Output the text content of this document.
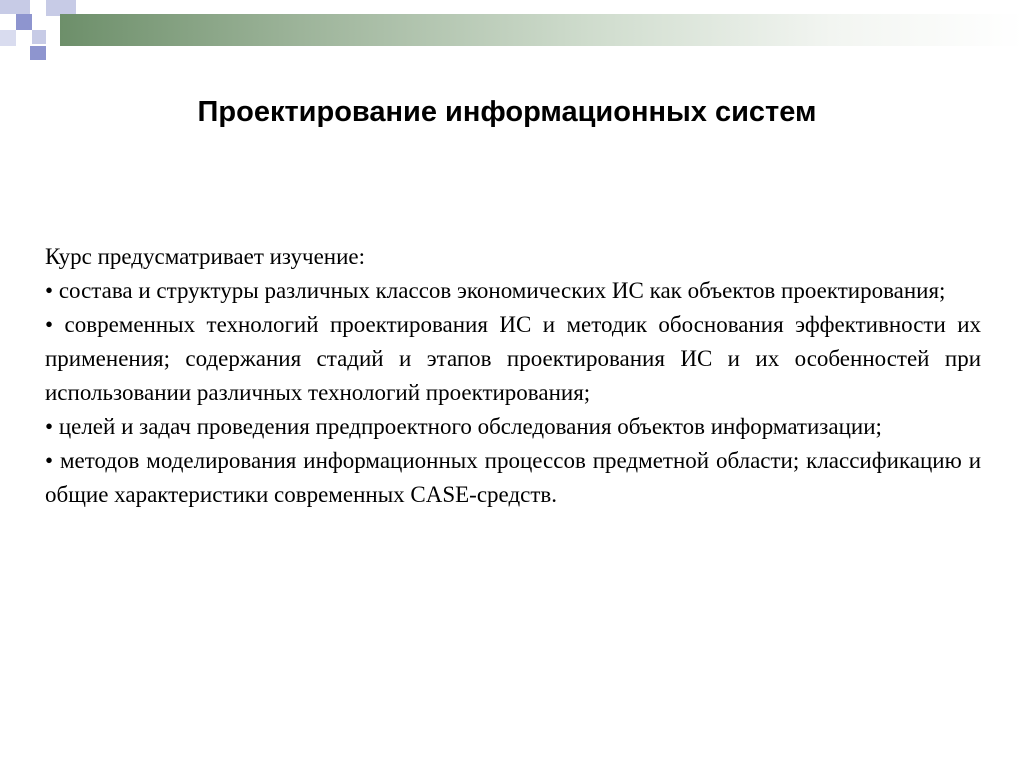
Проектирование информационных систем

Курс предусматривает изучение:

• состава и структуры различных классов экономических ИС как объектов проектирования;
• современных технологий проектирования ИС и методик обоснования эффективности их применения; содержания стадий и этапов проектирования ИС и их особенностей при использовании различных технологий проектирования;
• целей и задач проведения предпроектного обследования объектов информатизации;
• методов моделирования информационных процессов предметной области; классификацию и общие характеристики современных CASE-средств.
